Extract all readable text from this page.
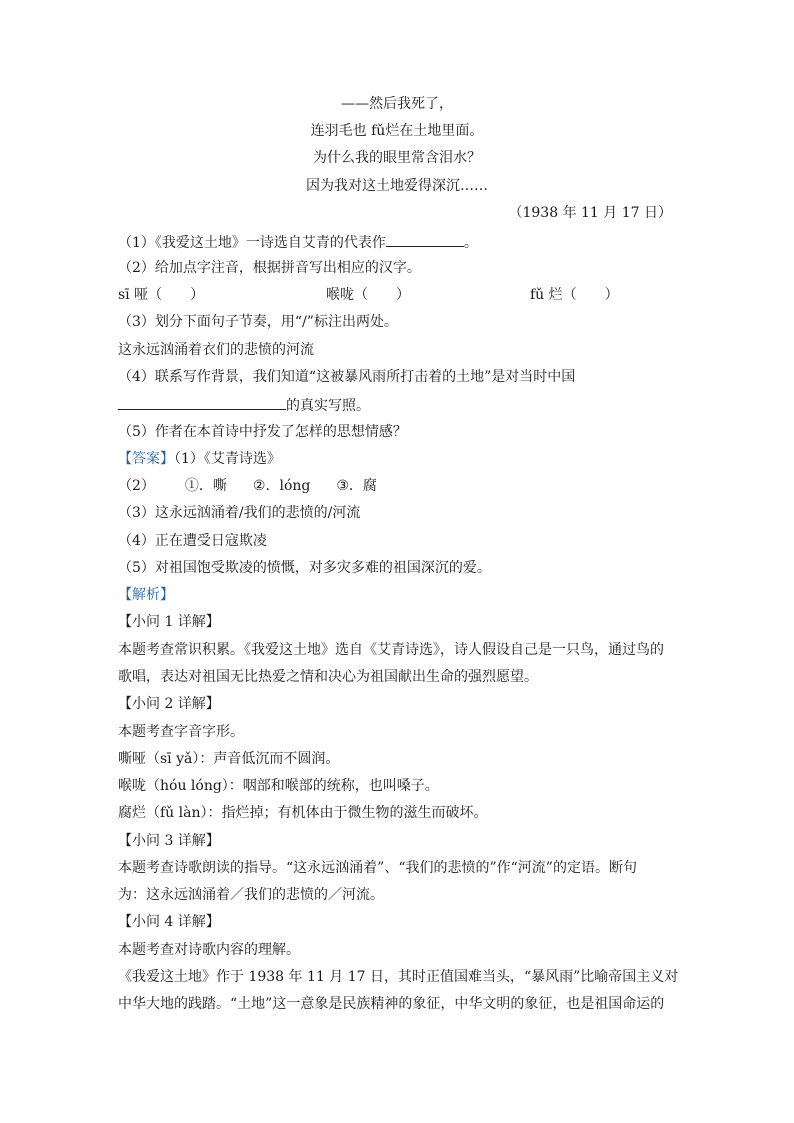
——然后我死了，
连羽毛也 fǔ烂在土地里面。
为什么我的眼里常含泪水？
因为我对这土地爱得深沉……
（1938 年 11 月 17 日）
（1）《我爱这土地》一诗选自艾青的代表作	。
（2）给加点字注音，根据拼音写出相应的汉字。
sī 哑（　　）	喉咙（　　）	fǔ 烂（　　）
（3）划分下面句子节奏，用“/”标注出两处。
这永远汹涌着衣们的悲愤的河流
（4）联系写作背景，我们知道“这被暴风雨所打击着的土地”是对当时中国
的真实写照。
（5）作者在本首诗中抒发了怎样的思想情感？
【答案】（1）《艾青诗选》
（2） ①．嘶 ②．lóng ③．腐
（3）这永远汹涌着/我们的悲愤的/河流
（4）正在遭受日寇欺凌
（5）对祖国饱受欺凌的愤慨，对多灾多难的祖国深沉的爱。
【解析】
【小问 1 详解】
本题考查常识积累。《我爱这土地》选自《艾青诗选》，诗人假设自己是一只鸟，通过鸟的
歌唱，表达对祖国无比热爱之情和决心为祖国献出生命的强烈愿望。
【小问 2 详解】
本题考查字音字形。
嘶哑（sī yǎ）：声音低沉而不圆润。
喉咙（hóu lóng）：咽部和喉部的统称，也叫嗓子。
腐烂（fǔ làn）：指烂掉；有机体由于微生物的滋生而破坏。
【小问 3 详解】
本题考查诗歌朗读的指导。“这永远汹涌着”、“我们的悲愤的”作“河流”的定语。断句
为：这永远汹涌着／我们的悲愤的／河流。
【小问 4 详解】
本题考查对诗歌内容的理解。
《我爱这土地》作于 1938 年 11 月 17 日，其时正值国难当头，“暴风雨”比喻帝国主义对
中华大地的践踏。“土地”这一意象是民族精神的象征，中华文明的象征，也是祖国命运的
